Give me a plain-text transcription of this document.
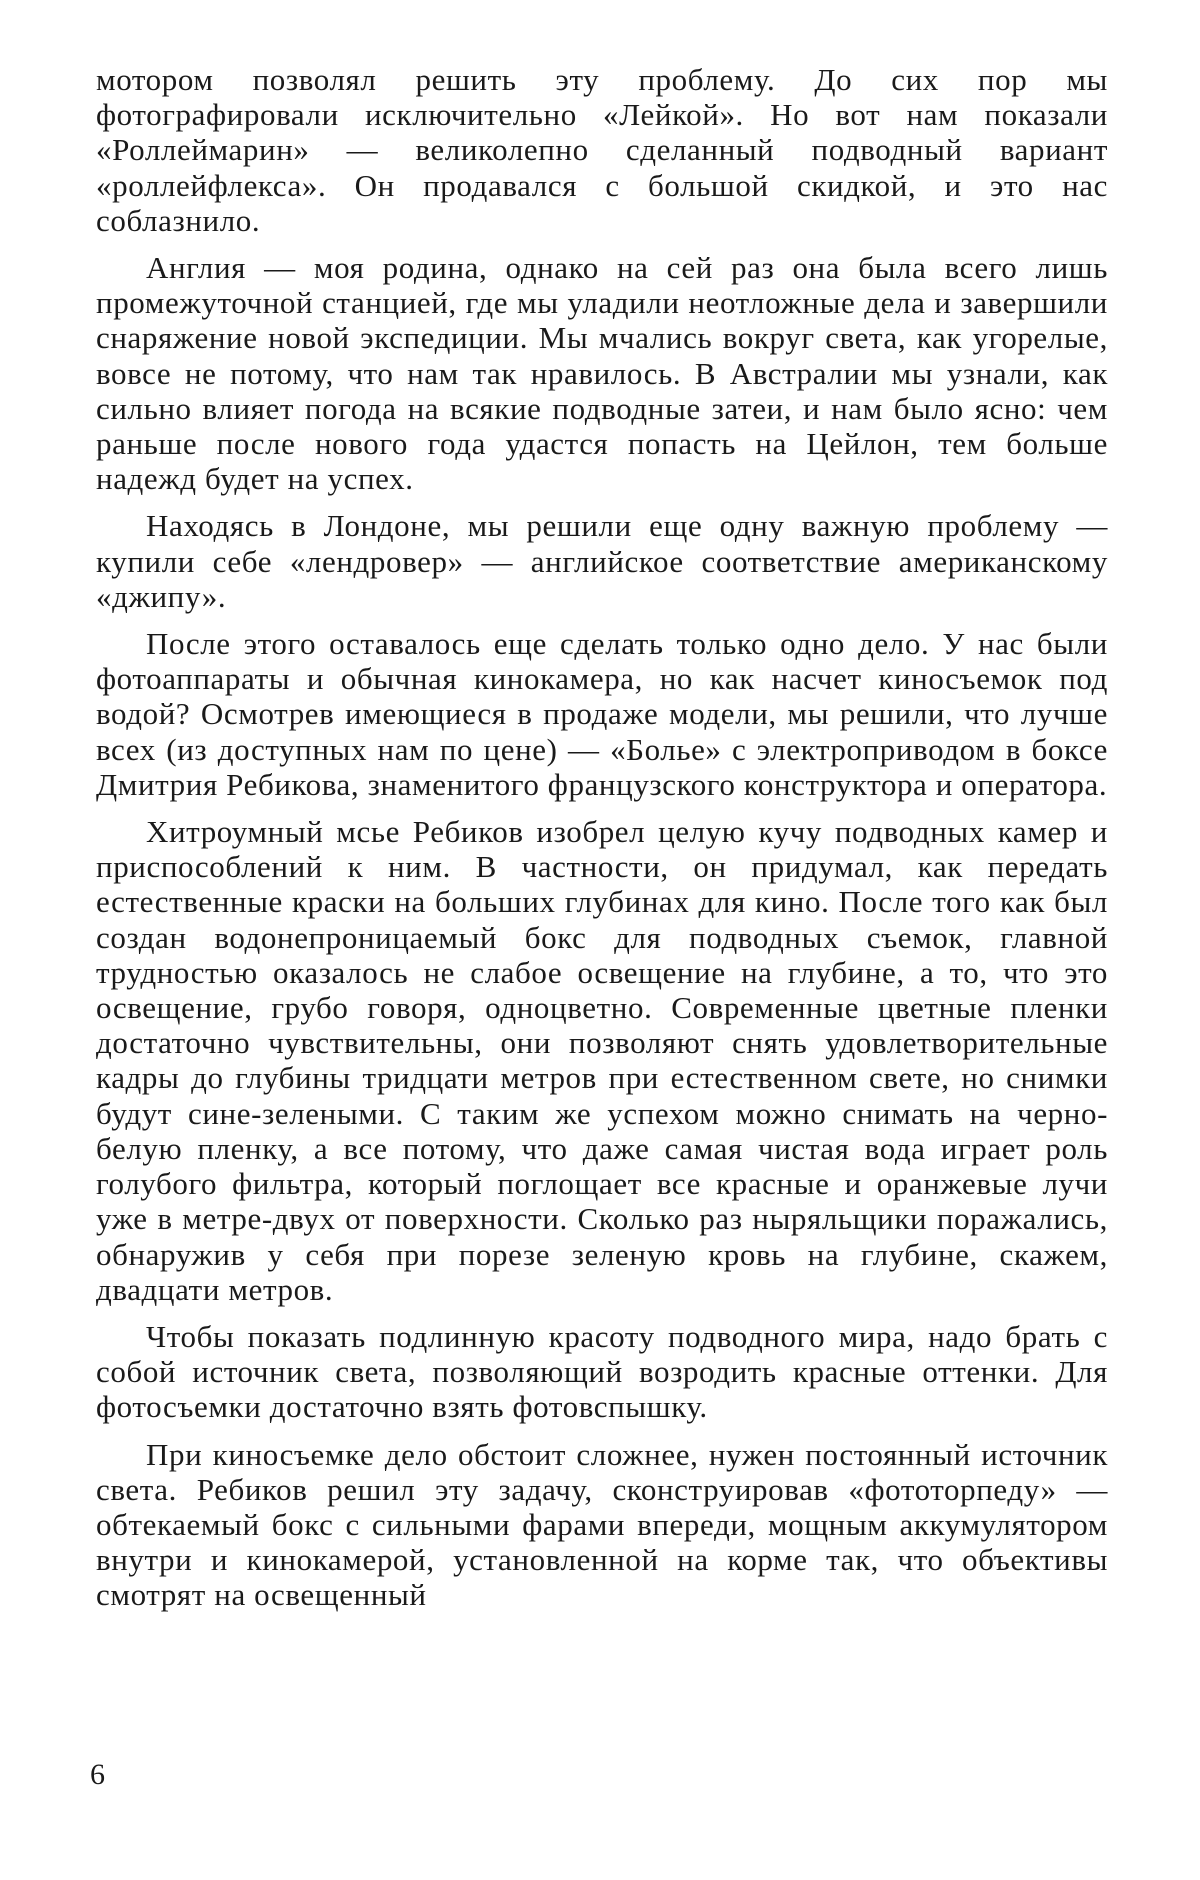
мотором позволял решить эту проблему. До сих пор мы фотографировали исключительно «Лейкой». Но вот нам показали «Роллеймарин» — великолепно сделанный подводный вариант «роллейфлекса». Он продавался с большой скидкой, и это нас соблазнило.

Англия — моя родина, однако на сей раз она была всего лишь промежуточной станцией, где мы уладили неотложные дела и завершили снаряжение новой экспедиции. Мы мчались вокруг света, как угорелые, вовсе не потому, что нам так нравилось. В Австралии мы узнали, как сильно влияет погода на всякие подводные затеи, и нам было ясно: чем раньше после нового года удастся попасть на Цейлон, тем больше надежд будет на успех.

Находясь в Лондоне, мы решили еще одну важную проблему — купили себе «лендровер» — английское соответствие американскому «джипу».

После этого оставалось еще сделать только одно дело. У нас были фотоаппараты и обычная кинокамера, но как насчет киносъемок под водой? Осмотрев имеющиеся в продаже модели, мы решили, что лучше всех (из доступных нам по цене) — «Болье» с электроприводом в боксе Дмитрия Ребикова, знаменитого французского конструктора и оператора.

Хитроумный мсье Ребиков изобрел целую кучу подводных камер и приспособлений к ним. В частности, он придумал, как передать естественные краски на больших глубинах для кино. После того как был создан водонепроницаемый бокс для подводных съемок, главной трудностью оказалось не слабое освещение на глубине, а то, что это освещение, грубо говоря, одноцветно. Современные цветные пленки достаточно чувствительны, они позволяют снять удовлетворительные кадры до глубины тридцати метров при естественном свете, но снимки будут сине-зелеными. С таким же успехом можно снимать на черно-белую пленку, а все потому, что даже самая чистая вода играет роль голубого фильтра, который поглощает все красные и оранжевые лучи уже в метре-двух от поверхности. Сколько раз ныряльщики поражались, обнаружив у себя при порезе зеленую кровь на глубине, скажем, двадцати метров.

Чтобы показать подлинную красоту подводного мира, надо брать с собой источник света, позволяющий возродить красные оттенки. Для фотосъемки достаточно взять фотовспышку.

При киносъемке дело обстоит сложнее, нужен постоянный источник света. Ребиков решил эту задачу, сконструировав «фототорпеду» — обтекаемый бокс с сильными фарами впереди, мощным аккумулятором внутри и кинокамерой, установленной на корме так, что объективы смотрят на освещенный

6
